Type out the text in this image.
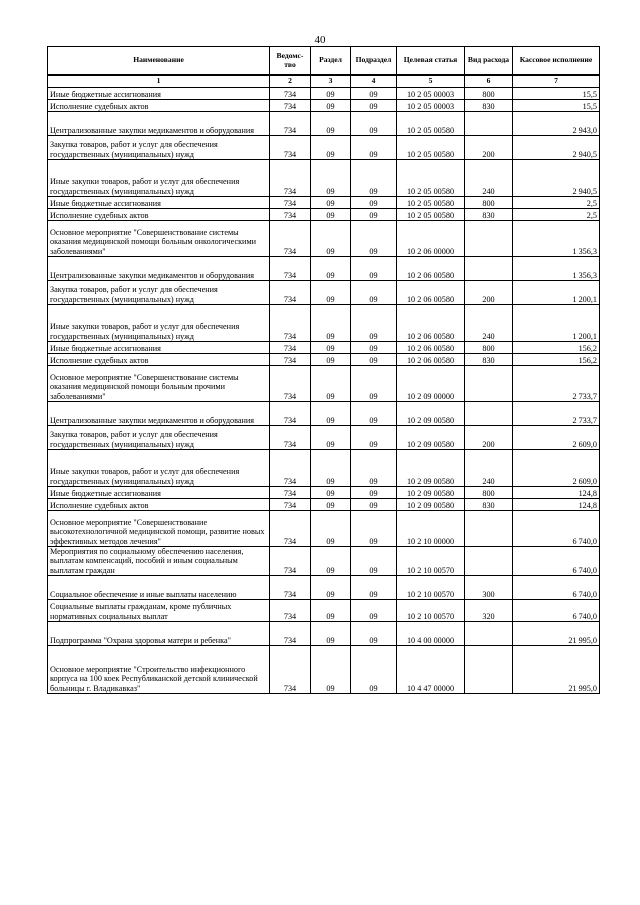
40
Наименование	Ведомс-тво	Раздел	Подраздел	Целевая статья	Вид расхода	Кассовое исполнение
1	2	3	4	5	6	7
Иные бюджетные ассигнования	734	09	09	10 2 05 00003	800	15,5
Исполнение судебных актов	734	09	09	10 2 05 00003	830	15,5
Централизованные закупки медикаментов и оборудования	734	09	09	10 2 05 00580		2 943,0
Закупка товаров, работ и услуг для обеспечения государственных (муниципальных) нужд	734	09	09	10 2 05 00580	200	2 940,5
Иные закупки товаров, работ и услуг для обеспечения государственных (муниципальных) нужд	734	09	09	10 2 05 00580	240	2 940,5
Иные бюджетные ассигнования	734	09	09	10 2 05 00580	800	2,5
Исполнение судебных актов	734	09	09	10 2 05 00580	830	2,5
Основное мероприятие "Совершенствование системы оказания медицинской помощи больным онкологическими заболеваниями"	734	09	09	10 2 06 00000		1 356,3
Централизованные закупки медикаментов и оборудования	734	09	09	10 2 06 00580		1 356,3
Закупка товаров, работ и услуг для обеспечения государственных (муниципальных) нужд	734	09	09	10 2 06 00580	200	1 200,1
Иные закупки товаров, работ и услуг для обеспечения государственных (муниципальных) нужд	734	09	09	10 2 06 00580	240	1 200,1
Иные бюджетные ассигнования	734	09	09	10 2 06 00580	800	156,2
Исполнение судебных актов	734	09	09	10 2 06 00580	830	156,2
Основное мероприятие "Совершенствование системы оказания медицинской помощи больным прочими заболеваниями"	734	09	09	10 2 09 00000		2 733,7
Централизованные закупки медикаментов и оборудования	734	09	09	10 2 09 00580		2 733,7
Закупка товаров, работ и услуг для обеспечения государственных (муниципальных) нужд	734	09	09	10 2 09 00580	200	2 609,0
Иные закупки товаров, работ и услуг для обеспечения государственных (муниципальных) нужд	734	09	09	10 2 09 00580	240	2 609,0
Иные бюджетные ассигнования	734	09	09	10 2 09 00580	800	124,8
Исполнение судебных актов	734	09	09	10 2 09 00580	830	124,8
Основное мероприятие "Совершенствование высокотехнологичной медицинской помощи, развитие новых эффективных методов лечения"	734	09	09	10 2 10 00000		6 740,0
Мероприятия по социальному обеспечению населения, выплатам компенсаций, пособий и иным социальным выплатам граждан	734	09	09	10 2 10 00570		6 740,0
Социальное обеспечение и иные выплаты населению	734	09	09	10 2 10 00570	300	6 740,0
Социальные выплаты гражданам, кроме публичных нормативных социальных выплат	734	09	09	10 2 10 00570	320	6 740,0
Подпрограмма "Охрана здоровья матери и ребенка"	734	09	09	10 4 00 00000		21 995,0
Основное мероприятие "Строительство инфекционного корпуса на 100 коек Республиканской детской клинической больницы г. Владикавказ"	734	09	09	10 4 47 00000		21 995,0
